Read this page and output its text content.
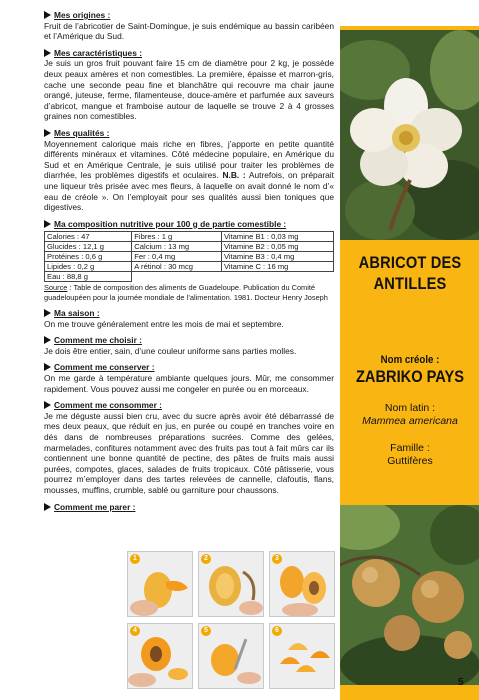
Mes origines :

Fruit de l’abricotier de Saint-Domingue, je suis endémique au bassin caribéen et l’Amérique du Sud.

Mes caractéristiques :

Je suis un gros fruit pouvant faire 15 cm de diamètre pour 2 kg, je possède deux peaux amères et non comestibles. La première, épaisse et marron-gris, cache une seconde peau fine et blanchâtre qui recouvre ma chair jaune orangé, juteuse, ferme, filamenteuse, douce-amère et parfumée aux saveurs d’abricot, mangue et framboise autour de laquelle se trouve 2 à 4 grosses graines non comestibles.

Mes qualités :

Moyennement calorique mais riche en fibres, j’apporte en petite quantité différents minéraux et vitamines. Côté médecine populaire, en Amérique du Sud et en Amérique Centrale, je suis utilisé pour traiter les problèmes de diarrhée, les problèmes digestifs et oculaires. N.B. : Autrefois, on préparait une liqueur très prisée avec mes fleurs, à laquelle on avait donné le nom d’« eau de créole ». On l’employait pour ses qualités aussi bien toniques que digestives.

Ma composition nutritive pour 100 g de partie comestible :
Calories : 47	Fibres : 1 g	Vitamine B1 : 0,03 mg
Glucides : 12,1 g	Calcium : 13 mg	Vitamine B2 : 0,05 mg
Protéines : 0,6 g	Fer : 0,4 mg	Vitamine B3 : 0,4 mg
Lipides : 0,2 g	A rétinol : 30 mcg	Vitamine C : 16 mg
Eau : 88,8 g		
Source : Table de composition des aliments de Guadeloupe. Publication du Comité guadeloupéen pour la journée mondiale de l’alimentation. 1981. Docteur Henry Joseph
Ma saison :

On me trouve généralement entre les mois de mai et septembre.

Comment me choisir :

Je dois être entier, sain, d’une couleur uniforme sans parties molles.

Comment me conserver :

On me garde à température ambiante quelques jours. Mûr, me consommer rapidement. Vous pouvez aussi me congeler en purée ou en morceaux.

Comment me consommer :

Je me déguste aussi bien cru, avec du sucre après avoir été débarrassé de mes deux peaux, que réduit en jus, en purée ou coupé en tranches voire en dés dans de nombreuses préparations sucrées. Comme des gelées, marmelades, confitures notamment avec des fruits pas tout à fait mûrs car ils contiennent une bonne quantité de pectine, des pâtes de fruits mais aussi purées, compotes, glaces, salades de fruits tropicaux. Côté pâtisserie, vous pourrez m’employer dans des tartes relevées de cannelle, clafoutis, flans, mousses, muffins, crumble, sablé ou garniture pour chaussons.

Comment me parer :
1	2	3
4	5	6
ABRICOT DES
ANTILLES
Nom créole :
ZABRIKO PAYS
Nom latin :
Mammea americana
Famille :
Guttifères
5
